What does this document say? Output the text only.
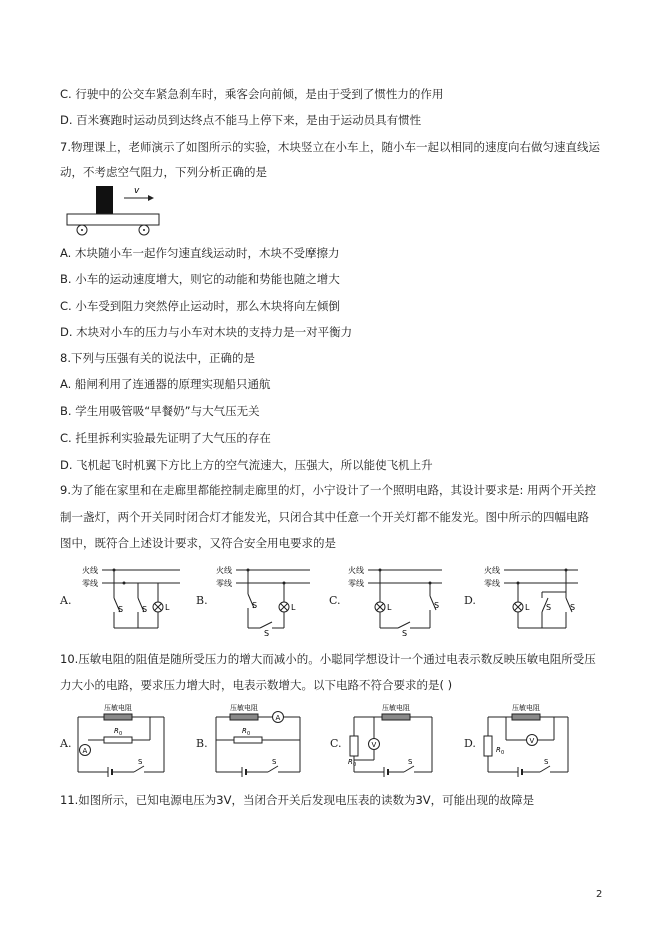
C. 行驶中的公交车紧急刹车时，乘客会向前倾，是由于受到了惯性力的作用
D. 百米赛跑时运动员到达终点不能马上停下来，是由于运动员具有惯性
7.物理课上，老师演示了如图所示的实验，木块竖立在小车上，随小车一起以相同的速度向右做匀速直线运
动，不考虑空气阻力，下列分析正确的是
v
A. 木块随小车一起作匀速直线运动时，木块不受摩擦力
B. 小车的运动速度增大，则它的动能和势能也随之增大
C. 小车受到阻力突然停止运动时，那么木块将向左倾倒
D. 木块对小车的压力与小车对木块的支持力是一对平衡力
8.下列与压强有关的说法中，正确的是
A. 船闸利用了连通器的原理实现船只通航
B. 学生用吸管吸“早餐奶”与大气压无关
C. 托里拆利实验最先证明了大气压的存在
D. 飞机起飞时机翼下方比上方的空气流速大，压强大，所以能使飞机上升
9.为了能在家里和在走廊里都能控制走廊里的灯，小宁设计了一个照明电路，其设计要求是: 用两个开关控
制一盏灯，两个开关同时闭合灯才能发光，只闭合其中任意一个开关灯都不能发光。图中所示的四幅电路
图中，既符合上述设计要求，又符合安全用电要求的是
A.
火线
零线
S S L
B.
火线
零线
S	L
S
C.
火线
零线
L	S
S
D.
火线
零线
L S S
10.压敏电阻的阻值是随所受压力的增大而减小的。小聪同学想设计一个通过电表示数反映压敏电阻所受压
力大小的电路，要求压力增大时，电表示数增大。以下电路不符合要求的是( )
A.
压敏电阻
R 0
A
S
B.
压敏电阻
A
R 0
S
C.
压敏电阻
V
R 0	S
D.
压敏电阻
V
R 0
S
11.如图所示，已知电源电压为3V，当闭合开关后发现电压表的读数为3V，可能出现的故障是
2
